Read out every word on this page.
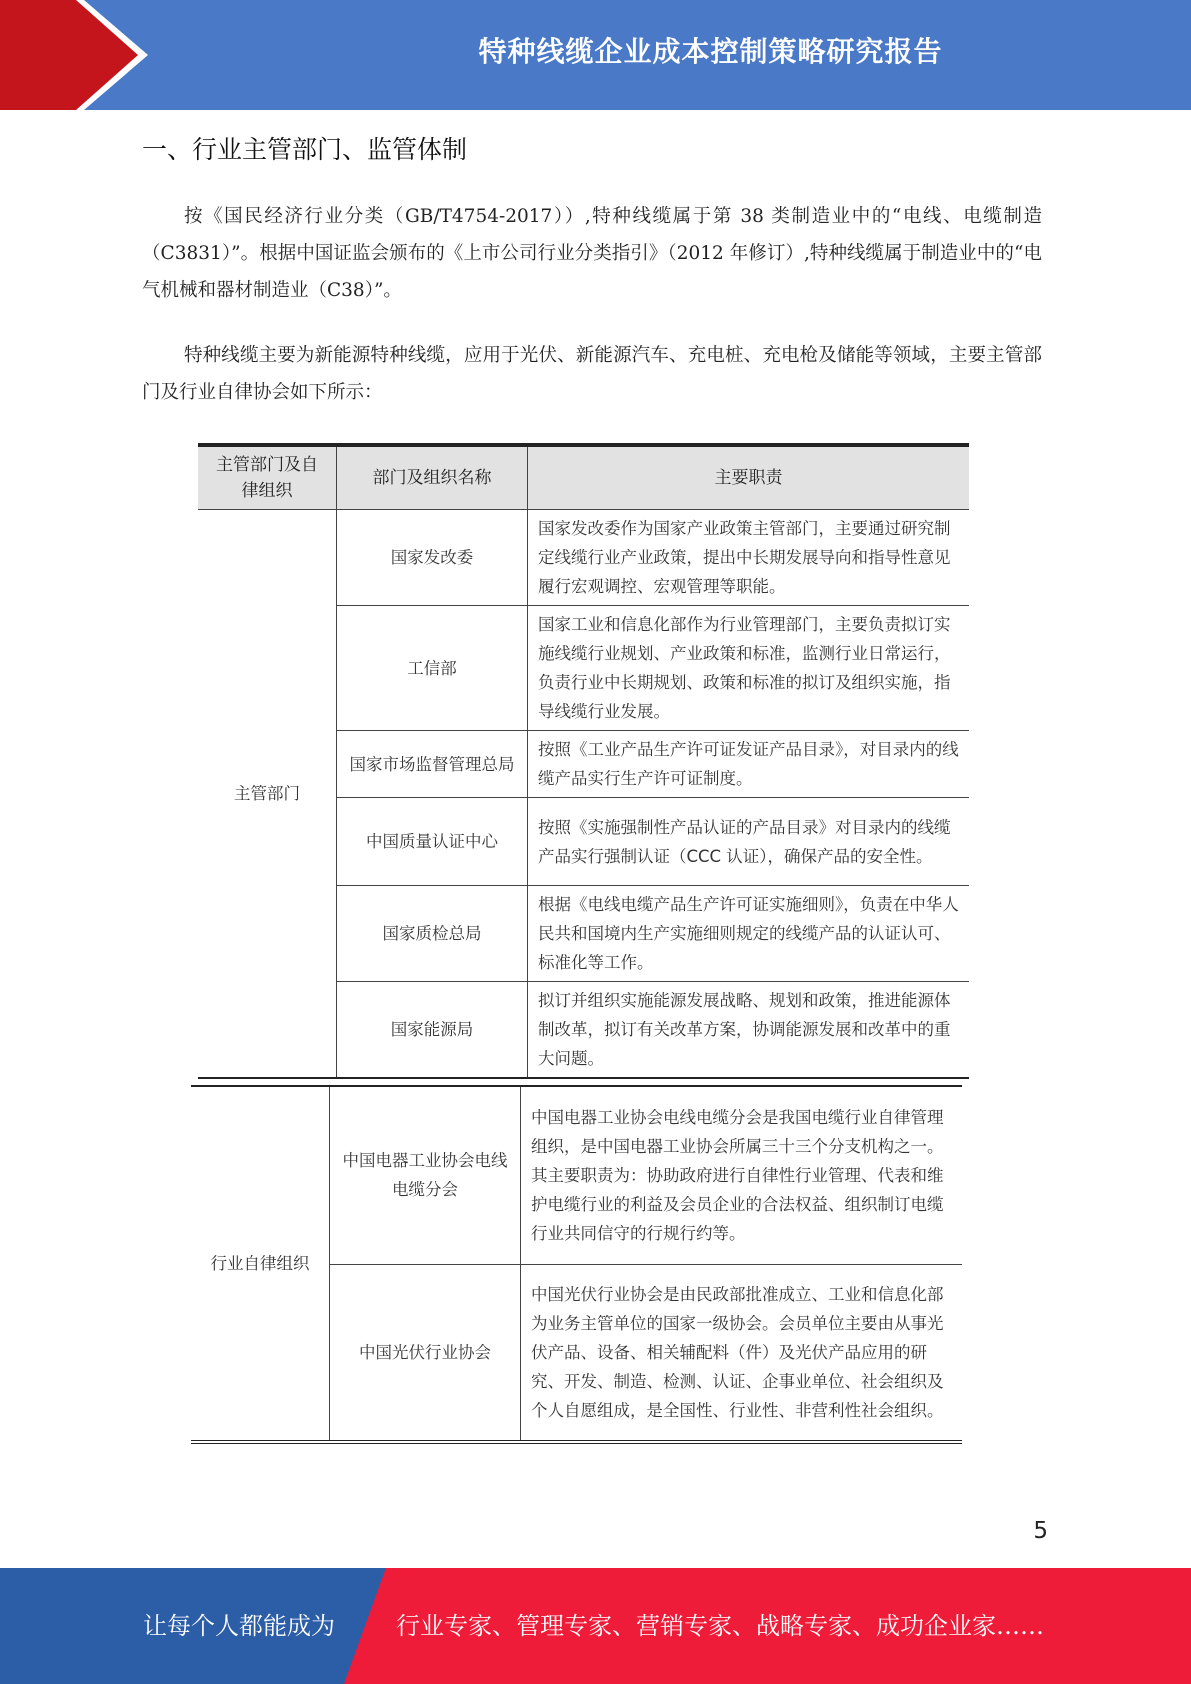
特种线缆企业成本控制策略研究报告
一、行业主管部门、监管体制
按《国民经济行业分类（GB/T4754-2017））,特种线缆属于第 38 类制造业中的“电线、电缆制造（C3831）”。根据中国证监会颁布的《上市公司行业分类指引》（2012 年修订）,特种线缆属于制造业中的“电气机械和器材制造业（C38）”。
特种线缆主要为新能源特种线缆，应用于光伏、新能源汽车、充电桩、充电枪及储能等领域，主要主管部门及行业自律协会如下所示：
主管部门及自律组织	部门及组织名称	主要职责
主管部门	国家发改委	国家发改委作为国家产业政策主管部门，主要通过研究制定线缆行业产业政策，提出中长期发展导向和指导性意见履行宏观调控、宏观管理等职能。
	工信部	国家工业和信息化部作为行业管理部门，主要负责拟订实施线缆行业规划、产业政策和标准，监测行业日常运行，负责行业中长期规划、政策和标准的拟订及组织实施，指导线缆行业发展。
	国家市场监督管理总局	按照《工业产品生产许可证发证产品目录》，对目录内的线缆产品实行生产许可证制度。
	中国质量认证中心	按照《实施强制性产品认证的产品目录》对目录内的线缆产品实行强制认证（CCC 认证），确保产品的安全性。
	国家质检总局	根据《电线电缆产品生产许可证实施细则》，负责在中华人民共和国境内生产实施细则规定的线缆产品的认证认可、标准化等工作。
	国家能源局	拟订并组织实施能源发展战略、规划和政策，推进能源体制改革，拟订有关改革方案，协调能源发展和改革中的重大问题。
行业自律组织	中国电器工业协会电线电缆分会	中国电器工业协会电线电缆分会是我国电缆行业自律管理组织，是中国电器工业协会所属三十三个分支机构之一。其主要职责为：协助政府进行自律性行业管理、代表和维护电缆行业的利益及会员企业的合法权益、组织制订电缆行业共同信守的行规行约等。
	中国光伏行业协会	中国光伏行业协会是由民政部批准成立、工业和信息化部为业务主管单位的国家一级协会。会员单位主要由从事光伏产品、设备、相关辅配料（件）及光伏产品应用的研究、开发、制造、检测、认证、企事业单位、社会组织及个人自愿组成，是全国性、行业性、非营利性社会组织。
5
让每个人都能成为	行业专家、管理专家、营销专家、战略专家、成功企业家……
